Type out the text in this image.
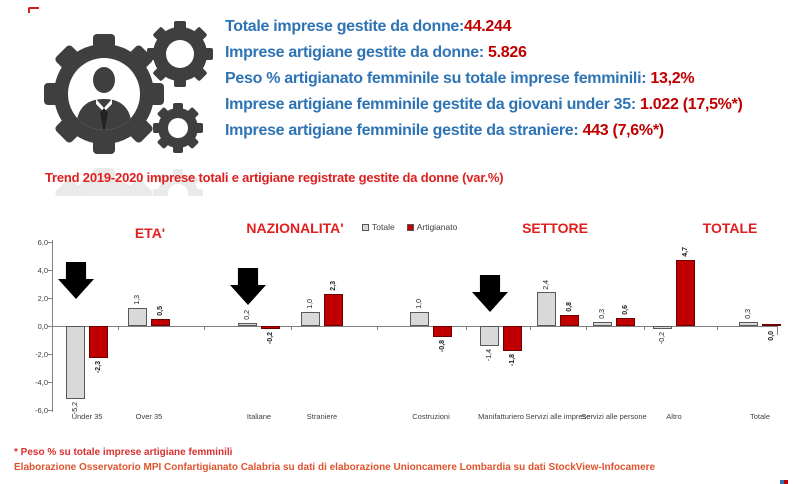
Totale imprese gestite da donne:44.244
Imprese artigiane gestite da donne: 5.826
Peso % artigianato femminile su totale imprese femminili: 13,2%
Imprese artigiane femminile gestite da giovani under 35: 1.022 (17,5%*)
Imprese artigiane femminile gestite da straniere: 443 (7,6%*)
Trend 2019-2020 imprese totali e artigiane registrate gestite da donne (var.%)
ETA'	NAZIONALITA'	SETTORE	TOTALE
Totale	Artigianato
6,0
4,0
2,0
0,0
-2,0
-4,0
-6,0	-5,2
-2,3
Under 35
1,3
0,5
Over 35
0,2
-0,2
Italiane
1,0
2,3
Straniere
1,0
-0,8
Costruzioni
-1,4 -1,8
Manifatturiero
2,4
0,8
Servizi alle imprese
0,3 0,6
Servizi alle persone
-0,2
4,7
Altro
0,3
0,0
Totale
* Peso % su totale imprese artigiane femminili
Elaborazione Osservatorio MPI Confartigianato Calabria su dati di elaborazione Unioncamere Lombardia su dati StockView-Infocamere
